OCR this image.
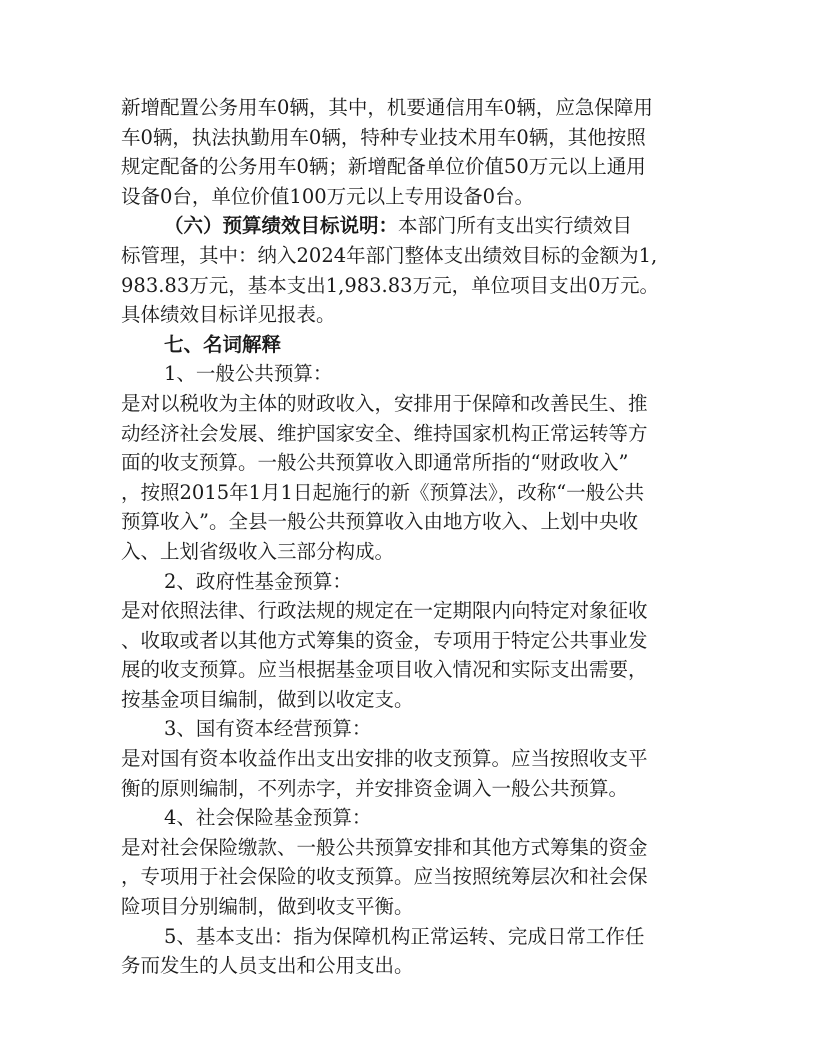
新增配置公务用车0辆，其中，机要通信用车0辆，应急保障用
车0辆，执法执勤用车0辆，特种专业技术用车0辆，其他按照
规定配备的公务用车0辆；新增配备单位价值50万元以上通用
设备0台，单位价值100万元以上专用设备0台。
（六）预算绩效目标说明：本部门所有支出实行绩效目
标管理，其中：纳入2024年部门整体支出绩效目标的金额为1,
983.83万元，基本支出1,983.83万元，单位项目支出0万元。
具体绩效目标详见报表。
七、名词解释
1、一般公共预算：
是对以税收为主体的财政收入，安排用于保障和改善民生、推
动经济社会发展、维护国家安全、维持国家机构正常运转等方
面的收支预算。一般公共预算收入即通常所指的“财政收入”
，按照2015年1月1日起施行的新《预算法》，改称“一般公共
预算收入”。全县一般公共预算收入由地方收入、上划中央收
入、上划省级收入三部分构成。
2、政府性基金预算：
是对依照法律、行政法规的规定在一定期限内向特定对象征收
、收取或者以其他方式筹集的资金，专项用于特定公共事业发
展的收支预算。应当根据基金项目收入情况和实际支出需要，
按基金项目编制，做到以收定支。
3、国有资本经营预算：
是对国有资本收益作出支出安排的收支预算。应当按照收支平
衡的原则编制，不列赤字，并安排资金调入一般公共预算。
4、社会保险基金预算：
是对社会保险缴款、一般公共预算安排和其他方式筹集的资金
，专项用于社会保险的收支预算。应当按照统筹层次和社会保
险项目分别编制，做到收支平衡。
5、基本支出：指为保障机构正常运转、完成日常工作任
务而发生的人员支出和公用支出。
